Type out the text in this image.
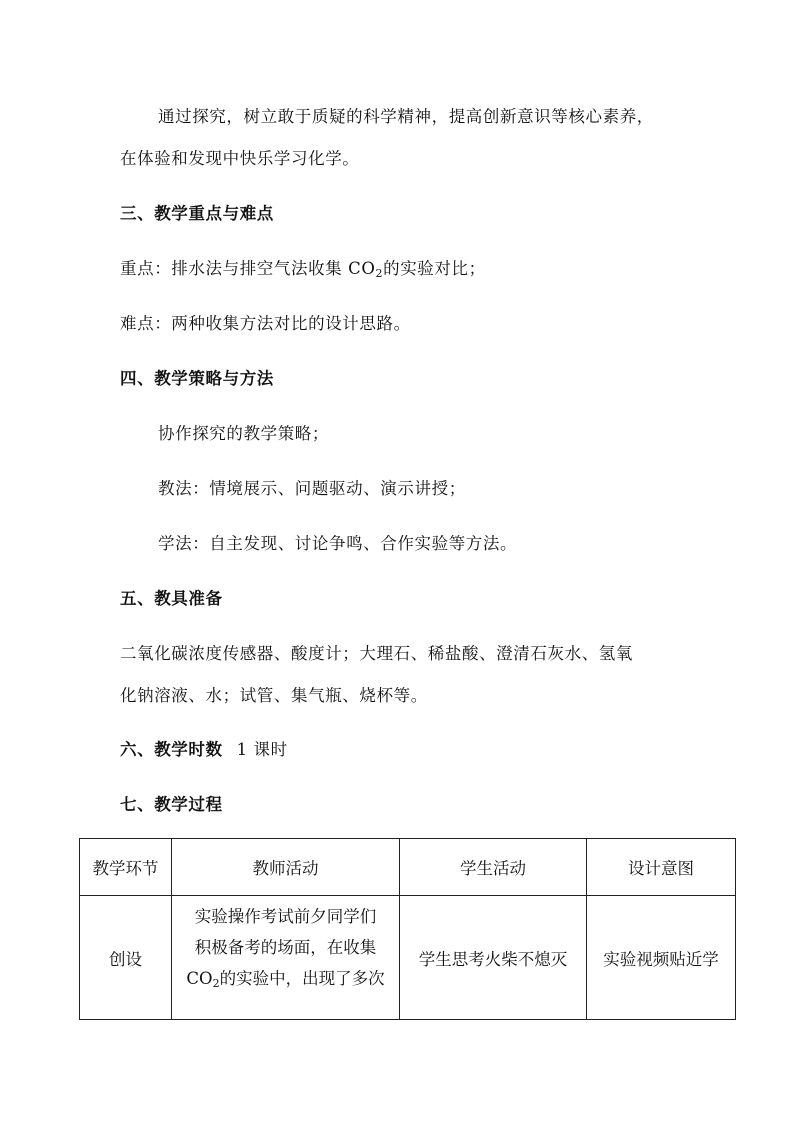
通过探究，树立敢于质疑的科学精神，提高创新意识等核心素养，
在体验和发现中快乐学习化学。
三、教学重点与难点
重点：排水法与排空气法收集 $CO_2$的实验对比；
难点：两种收集方法对比的设计思路。
四、教学策略与方法
协作探究的教学策略；
教法：情境展示、问题驱动、演示讲授；
学法：自主发现、讨论争鸣、合作实验等方法。
五、教具准备
二氧化碳浓度传感器、酸度计；大理石、稀盐酸、澄清石灰水、氢氧
化钠溶液、水；试管、集气瓶、烧杯等。
六、教学时数 1 课时
七、教学过程
教学环节	教师活动	学生活动	设计意图
创设	实验操作考试前夕同学们
积极备考的场面，在收集
$CO_2$的实验中，出现了多次	学生思考火柴不熄灭	实验视频贴近学
